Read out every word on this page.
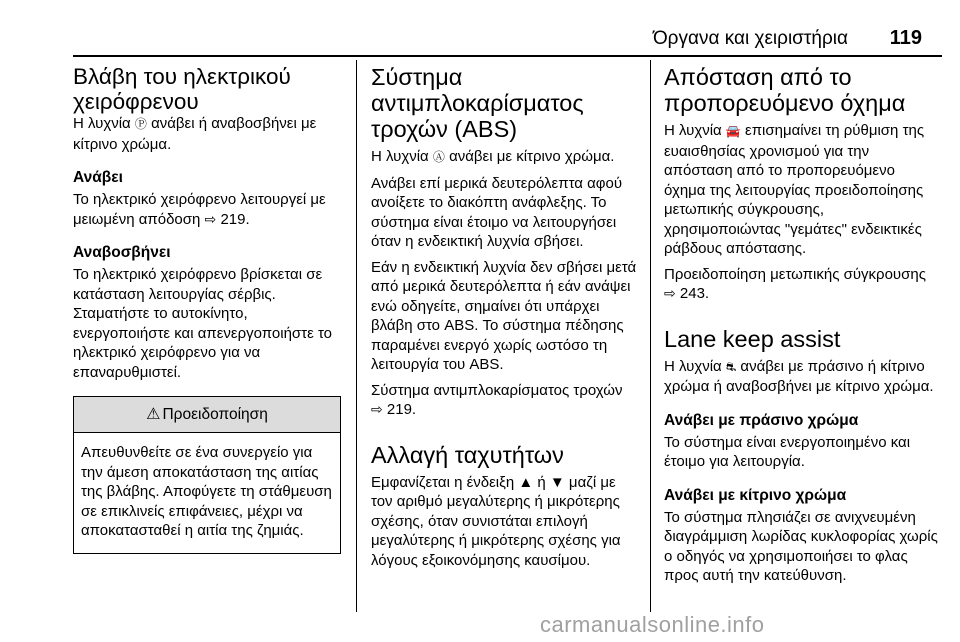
Όργανα και χειριστήρια 119
Βλάβη του ηλεκτρικού χειρόφρενου

Η λυχνία Ⓟ ανάβει ή αναβοσβήνει με κίτρινο χρώμα.

Ανάβει

Το ηλεκτρικό χειρόφρενο λειτουργεί με μειωμένη απόδοση ⇨ 219.

Αναβοσβήνει

Το ηλεκτρικό χειρόφρενο βρίσκεται σε κατάσταση λειτουργίας σέρβις. Σταματήστε το αυτοκίνητο, ενεργοποιήστε και απενεργοποιήστε το ηλεκτρικό χειρόφρενο για να επαναρυθμιστεί.

⚠ Προειδοποίηση

Απευθυνθείτε σε ένα συνεργείο για την άμεση αποκατάσταση της αιτίας της βλάβης. Αποφύγετε τη στάθμευση σε επικλινείς επιφάνειες, μέχρι να αποκατασταθεί η αιτία της ζημιάς.

Σύστημα αντιμπλοκαρίσματος τροχών (ABS)

Η λυχνία Ⓐ ανάβει με κίτρινο χρώμα.

Ανάβει επί μερικά δευτερόλεπτα αφού ανοίξετε το διακόπτη ανάφλεξης. Το σύστημα είναι έτοιμο να λειτουργήσει όταν η ενδεικτική λυχνία σβήσει.

Εάν η ενδεικτική λυχνία δεν σβήσει μετά από μερικά δευτερόλεπτα ή εάν ανάψει ενώ οδηγείτε, σημαίνει ότι υπάρχει βλάβη στο ABS. Το σύστημα πέδησης παραμένει ενεργό χωρίς ωστόσο τη λειτουργία του ABS.

Σύστημα αντιμπλοκαρίσματος τροχών ⇨ 219.

Αλλαγή ταχυτήτων

Εμφανίζεται η ένδειξη ▲ ή ▼ μαζί με τον αριθμό μεγαλύτερης ή μικρότερης σχέσης, όταν συνιστάται επιλογή μεγαλύτερης ή μικρότερης σχέσης για λόγους εξοικονόμησης καυσίμου.

Απόσταση από το προπορευόμενο όχημα

Η λυχνία 🚘 επισημαίνει τη ρύθμιση της ευαισθησίας χρονισμού για την απόσταση από το προπορευόμενο όχημα της λειτουργίας προειδοποίησης μετωπικής σύγκρουσης, χρησιμοποιώντας "γεμάτες" ενδεικτικές ράβδους απόστασης.

Προειδοποίηση μετωπικής σύγκρουσης ⇨ 243.

Lane keep assist

Η λυχνία ⛐ ανάβει με πράσινο ή κίτρινο χρώμα ή αναβοσβήνει με κίτρινο χρώμα.

Ανάβει με πράσινο χρώμα

Το σύστημα είναι ενεργοποιημένο και έτοιμο για λειτουργία.

Ανάβει με κίτρινο χρώμα

Το σύστημα πλησιάζει σε ανιχνευμένη διαγράμμιση λωρίδας κυκλοφορίας χωρίς ο οδηγός να χρησιμοποιήσει το φλας προς αυτή την κατεύθυνση.

carmanualsonline.info
